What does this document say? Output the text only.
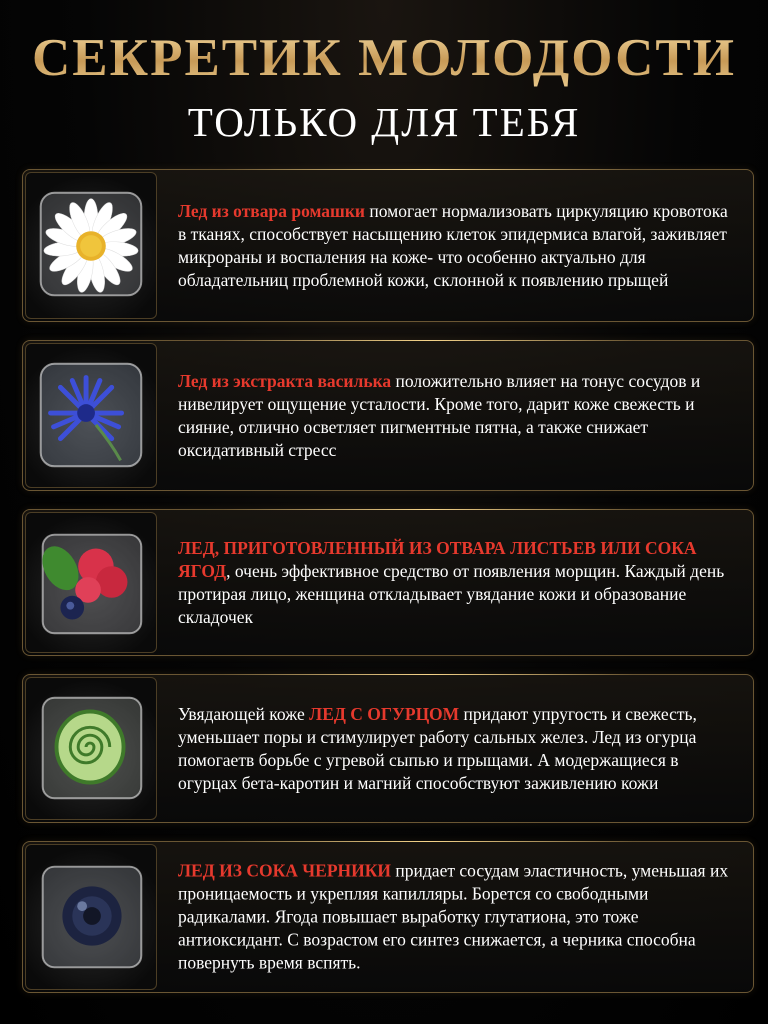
СЕКРЕТИК МОЛОДОСТИ
ТОЛЬКО ДЛЯ ТЕБЯ
Лед из отвара ромашки помогает нормализовать циркуляцию кровотока в тканях, способствует насыщению клеток эпидермиса влагой, заживляет микрораны и воспаления на коже- что особенно актуально для обладательниц проблемной кожи, склонной к появлению прыщей
Лед из экстракта василька положительно влияет на тонус сосудов и нивелирует ощущение усталости. Кроме того, дарит коже свежесть и сияние, отлично осветляет пигментные пятна, а также снижает оксидативный стресс
ЛЕД, ПРИГОТОВЛЕННЫЙ ИЗ ОТВАРА ЛИСТЬЕВ ИЛИ СОКА ЯГОД, очень эффективное средство от появления морщин. Каждый день протирая лицо, женщина откладывает увядание кожи и образование складочек
Увядающей коже ЛЕД С ОГУРЦОМ придают упругость и свежесть, уменьшает поры и стимулирует работу сальных желез. Лед из огурца помогаетв борьбе с угревой сыпью и прыщами. А модержащиеся в огурцах бета-каротин и магний способствуют заживлению кожи
ЛЕД ИЗ СОКА ЧЕРНИКИ придает сосудам эластичность, уменьшая их проницаемость и укрепляя капилляры. Борется со свободными радикалами. Ягода повышает выработку глутатиона, это тоже антиоксидант. С возрастом его синтез снижается, а черника способна повернуть время вспять.
